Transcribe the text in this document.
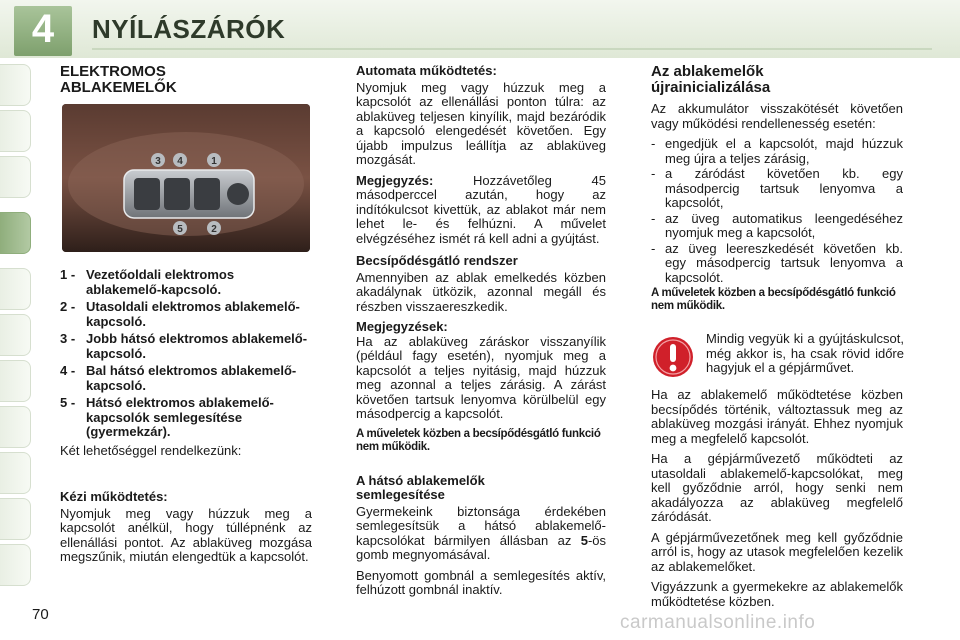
4	NYÍLÁSZÁRÓK
ELEKTROMOS
ABLAKEMELŐK
3 4	1
5	2
1 - Vezetőoldali elektromos ablakemelő-kapcsoló.
2 - Utasoldali elektromos ablakemelő-kapcsoló.
3 - Jobb hátsó elektromos ablakemelő-kapcsoló.
4 - Bal hátsó elektromos ablakemelő-kapcsoló.
5 - Hátsó elektromos ablakemelő-kapcsolók semlegesítése (gyermekzár).

Két lehetőséggel rendelkezünk:

Kézi működtetés:

Nyomjuk meg vagy húzzuk meg a kapcsolót anélkül, hogy túllépnénk az ellenállási pontot. Az ablaküveg mozgása megszűnik, miután elengedtük a kapcsolót.

Automata működtetés:

Nyomjuk meg vagy húzzuk meg a kapcsolót az ellenállási ponton túlra: az ablaküveg teljesen kinyílik, majd bezáródik a kapcsoló elengedését követően. Egy újabb impulzus leállítja az ablaküveg mozgását.

Megjegyzés: Hozzávetőleg 45 másodperccel azután, hogy az indítókulcsot kivettük, az ablakot már nem lehet le- és felhúzni. A művelet elvégzéséhez ismét rá kell adni a gyújtást.

Becsípődésgátló rendszer

Amennyiben az ablak emelkedés közben akadálynak ütközik, azonnal megáll és részben visszaereszkedik.

Megjegyzések:

Ha az ablaküveg záráskor visszanyílik (például fagy esetén), nyomjuk meg a kapcsolót a teljes nyitásig, majd húzzuk meg azonnal a teljes zárásig. A zárást követően tartsuk lenyomva körülbelül egy másodpercig a kapcsolót.

A műveletek közben a becsípődésgátló funkció nem működik.
A hátsó ablakemelők
semlegesítése

Gyermekeink biztonsága érdekében semlegesítsük a hátsó ablakemelő-kapcsolókat bármilyen állásban az 5-ös gomb megnyomásával.

Benyomott gombnál a semlegesítés aktív, felhúzott gombnál inaktív.

Az ablakemelők
újrainicializálása

Az akkumulátor visszakötését követően vagy működési rendellenesség esetén:

- engedjük el a kapcsolót, majd húzzuk meg újra a teljes zárásig,
- a záródást követően kb. egy másodpercig tartsuk lenyomva a kapcsolót,
- az üveg automatikus leengedéséhez nyomjuk meg a kapcsolót,
- az üveg leereszkedését követően kb. egy másodpercig tartsuk lenyomva a kapcsolót.
A műveletek közben a becsípődésgátló funkció nem működik.

Mindig vegyük ki a gyújtáskulcsot, még akkor is, ha csak rövid időre hagyjuk el a gépjárművet.

Ha az ablakemelő működtetése közben becsípődés történik, változtassuk meg az ablaküveg mozgási irányát. Ehhez nyomjuk meg a megfelelő kapcsolót.

Ha a gépjárművezető működteti az utasoldali ablakemelő-kapcsolókat, meg kell győződnie arról, hogy senki nem akadályozza az ablaküveg megfelelő záródását.

A gépjárművezetőnek meg kell győződnie arról is, hogy az utasok megfelelően kezelik az ablakemelőket.

Vigyázzunk a gyermekekre az ablakemelők működtetése közben.

70	carmanualsonline.info
